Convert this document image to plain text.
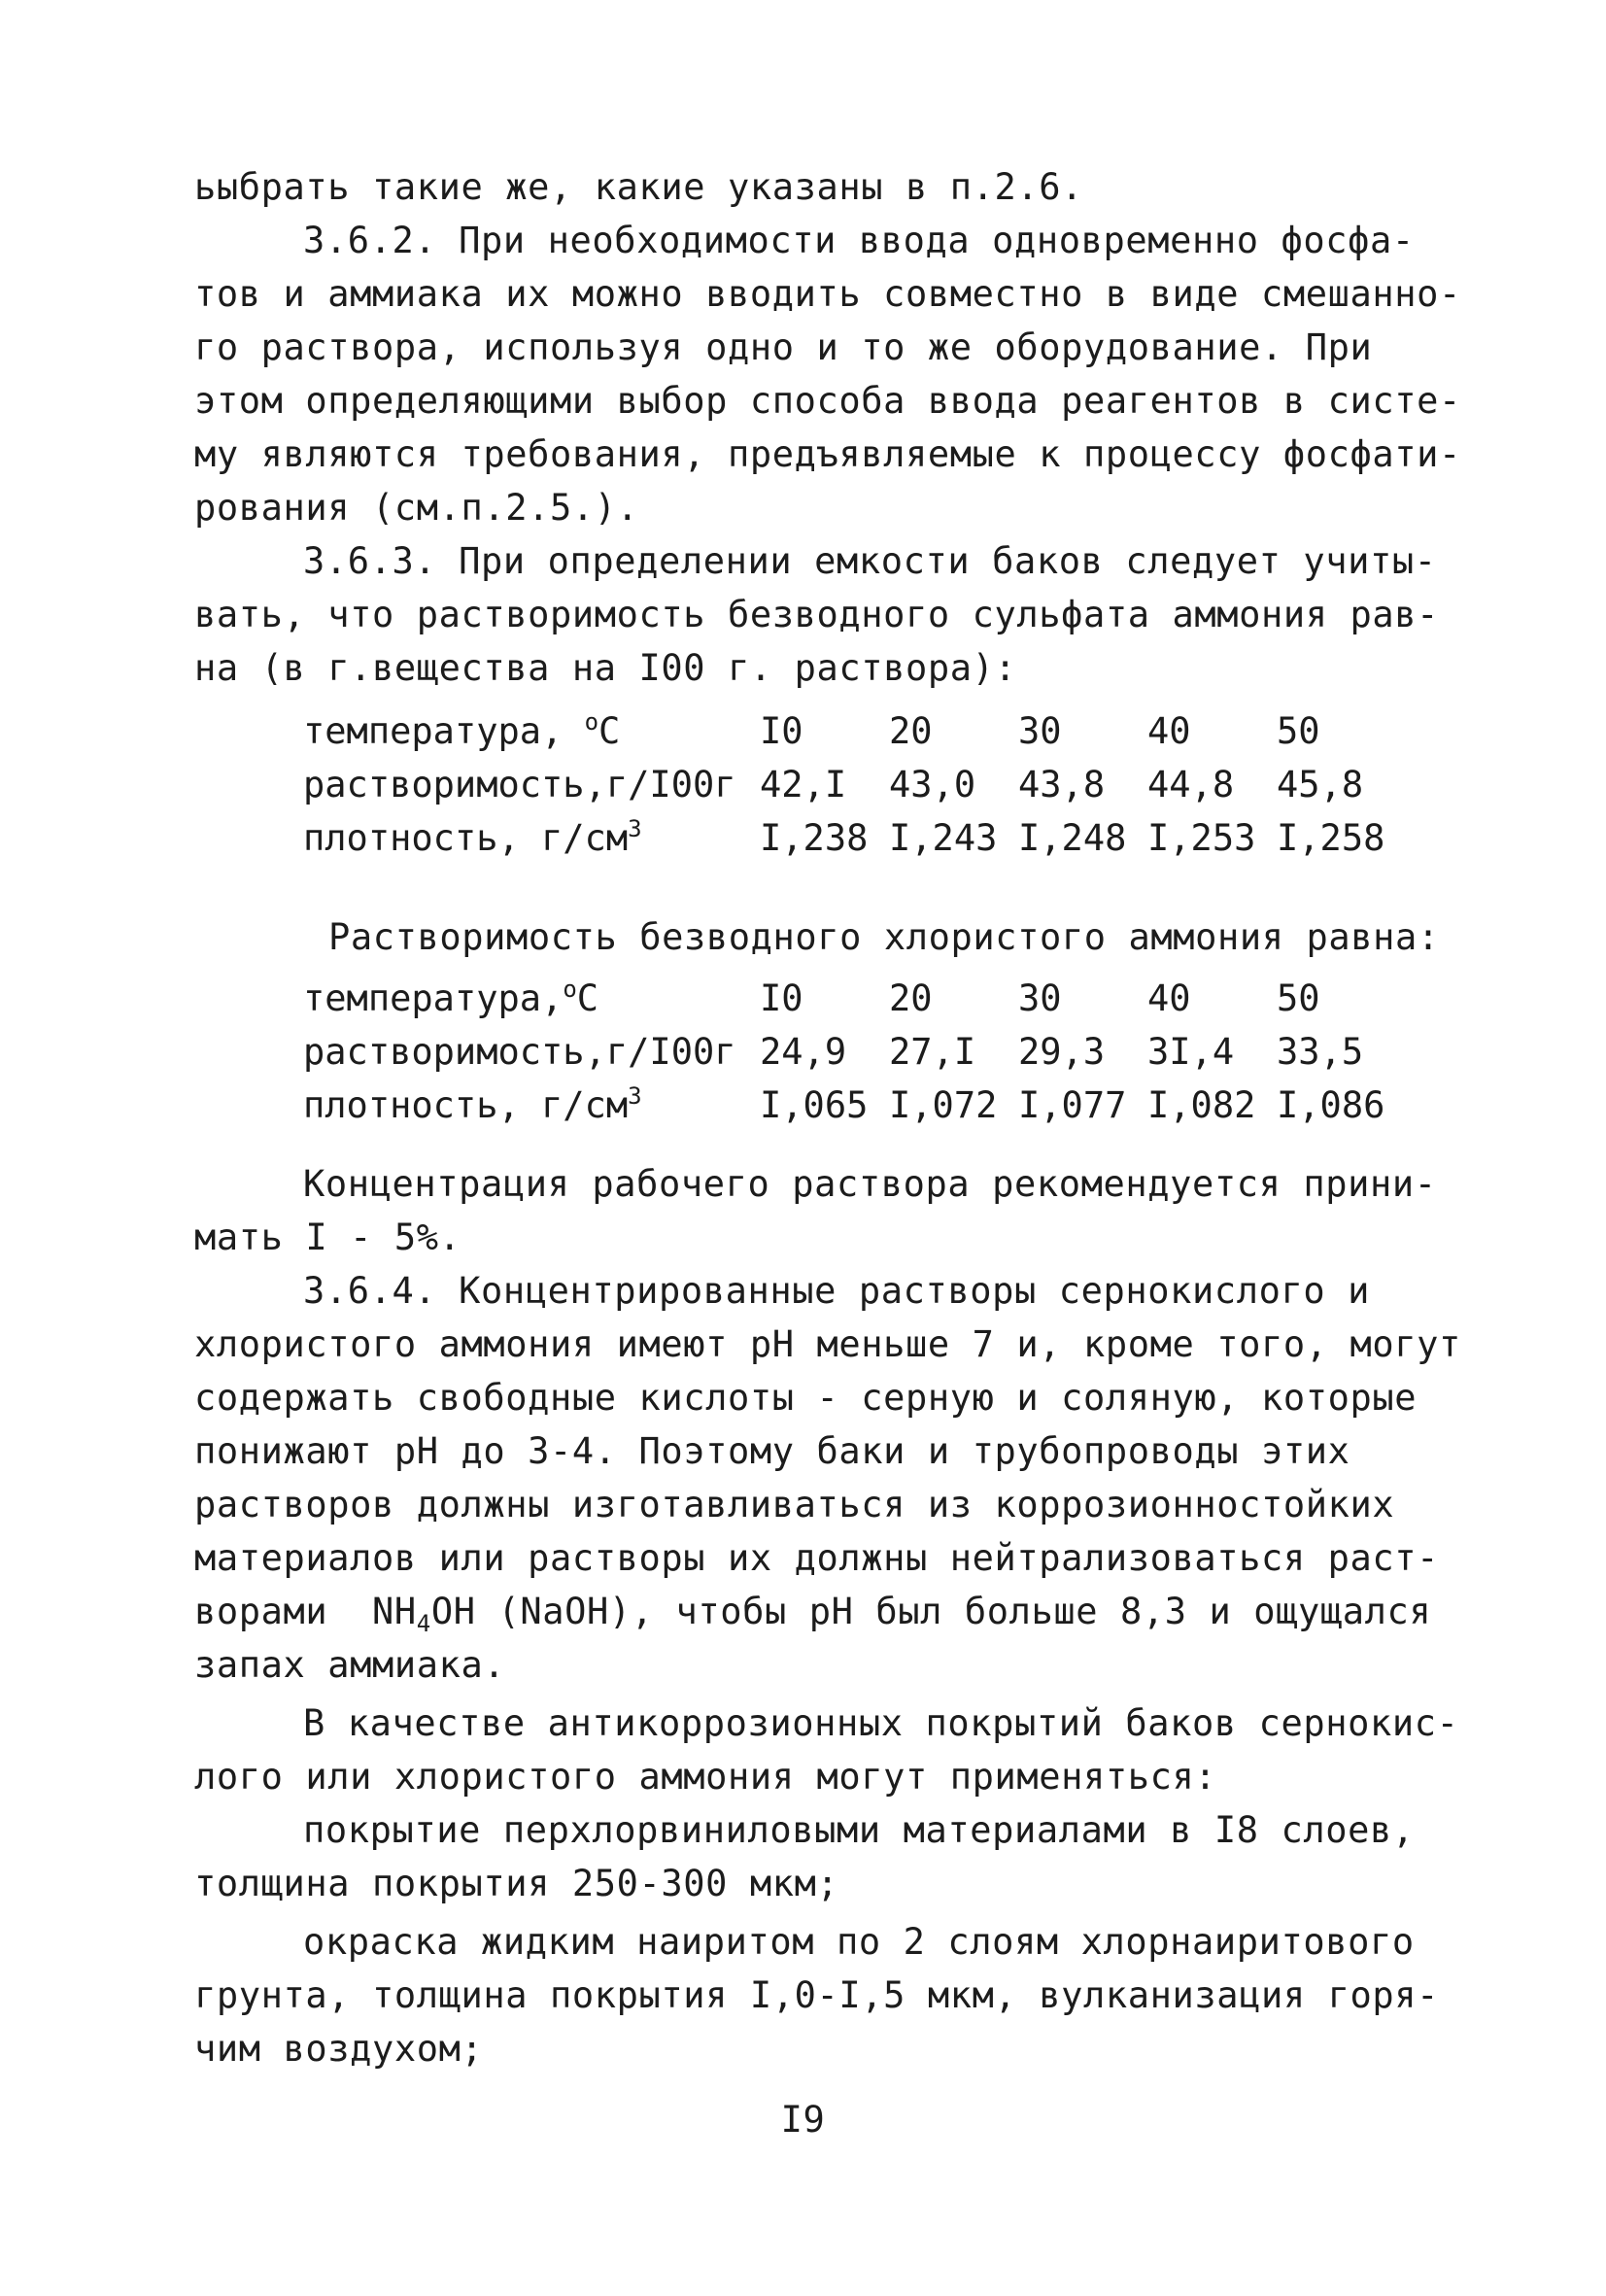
ьыбрать такие же, какие указаны в п.2.6.
3.6.2. При необходимости ввода одновременно фосфа-
тов и аммиака их можно вводить совместно в виде смешанно-
го раствора, используя одно и то же оборудование. При
этом определяющими выбор способа ввода реагентов в систе-
му являются требования, предъявляемые к процессу фосфати-
рования (см.п.2.5.).
3.6.3. При определении емкости баков следует учиты-
вать, что растворимость безводного сульфата аммония рав-
на (в г.вещества на I00 г. раствора):
температура, $^o$C	I0	20	30	40	50
растворимость,г/I00г	42,I	43,0	43,8	44,8	45,8
плотность, $г/см^3$	I,238	I,243	I,248	I,253	I,258
Растворимость безводного хлористого аммония равна:
температура,$^o$C	I0	20	30	40	50
растворимость,г/I00г	24,9	27,I	29,3	3I,4	33,5
плотность, $г/см^3$	I,065	I,072	I,077	I,082	I,086
Концентрация рабочего раствора рекомендуется прини-
мать I - 5%.
3.6.4. Концентрированные растворы сернокислого и
хлористого аммония имеют pH меньше 7 и, кроме того, могут
содержать свободные кислоты - серную и соляную, которые
понижают pH до 3-4. Поэтому баки и трубопроводы этих
растворов должны изготавливаться из коррозионностойких
материалов или растворы их должны нейтрализоваться раст-
ворами  $NH_4OH$ (NaOH), чтобы pH был больше 8,3 и ощущался
запах аммиака.
В качестве антикоррозионных покрытий баков сернокис-
лого или хлористого аммония могут применяться:
покрытие перхлорвиниловыми материалами в I8 слоев,
толщина покрытия 250-300 мкм;
окраска жидким наиритом по 2 слоям хлорнаиритового
грунта, толщина покрытия I,0-I,5 мкм, вулканизация горя-
чим воздухом;
I9
